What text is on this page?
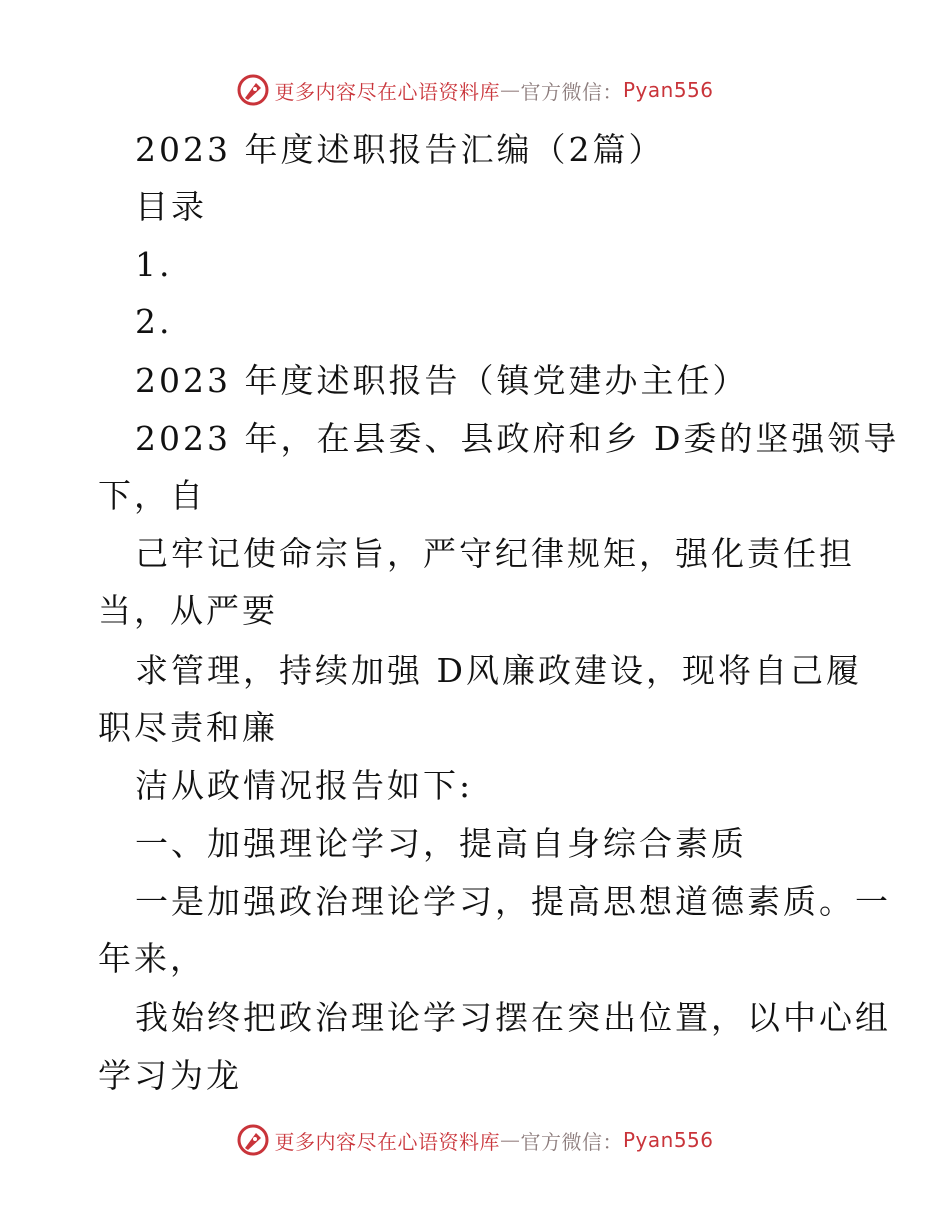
更多内容尽在心语资料库 — 官方微信： Pyan556
2023 年度述职报告汇编（2篇）
目录
1.
2.
2023 年度述职报告（镇党建办主任）
2023 年，在县委、县政府和乡 D委的坚强领导
下，自
己牢记使命宗旨，严守纪律规矩，强化责任担
当，从严要
求管理，持续加强 D风廉政建设，现将自己履
职尽责和廉
洁从政情况报告如下:
一、加强理论学习，提高自身综合素质
一是加强政治理论学习，提高思想道德素质。一
年来，
我始终把政治理论学习摆在突出位置，以中心组
学习为龙
更多内容尽在心语资料库 — 官方微信： Pyan556
